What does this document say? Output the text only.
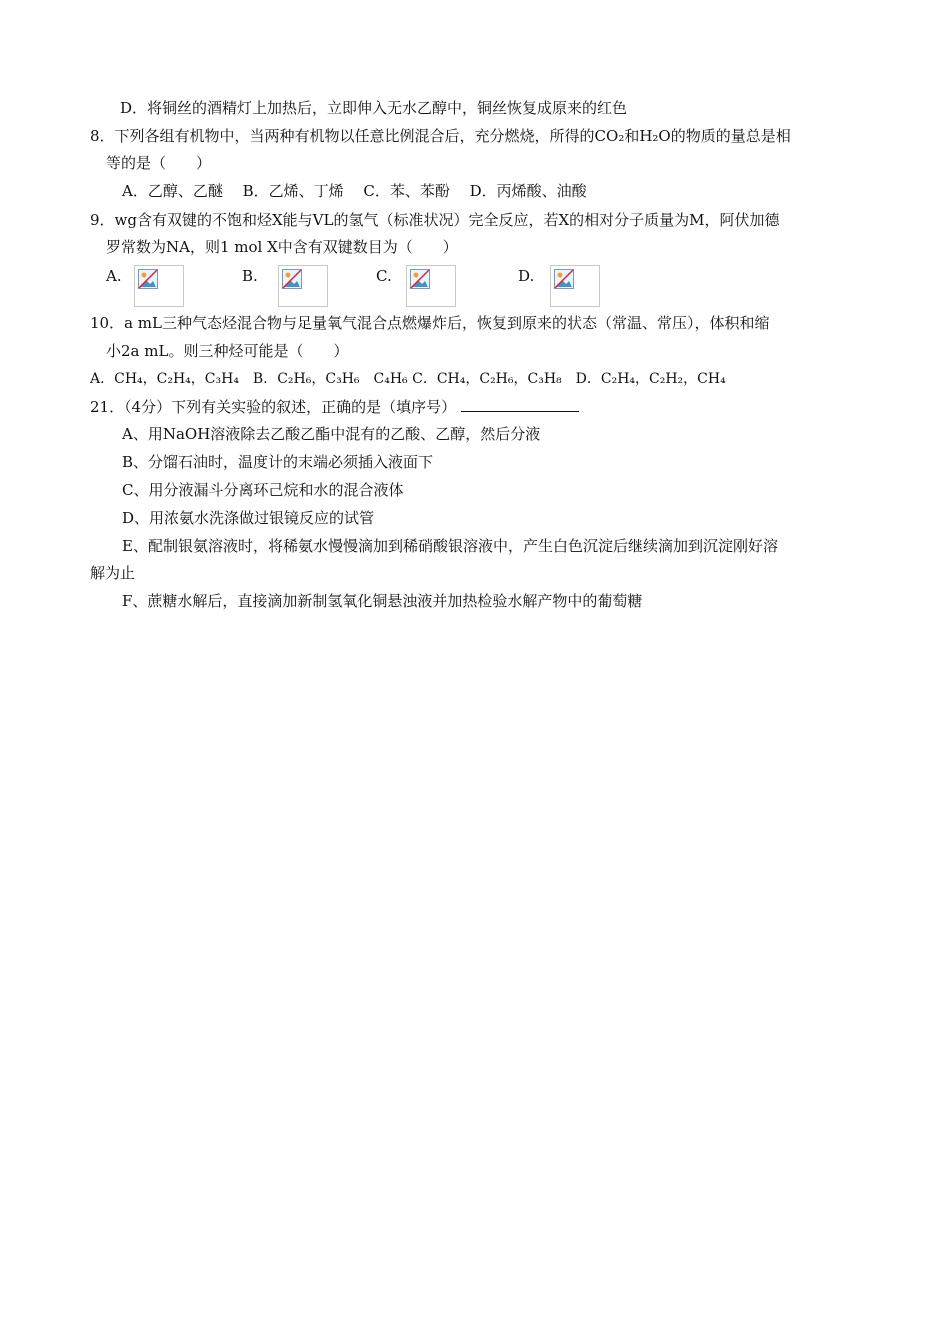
D．将铜丝的酒精灯上加热后，立即伸入无水乙醇中，铜丝恢复成原来的红色
8．下列各组有机物中，当两种有机物以任意比例混合后，充分燃烧，所得的CO₂和H₂O的物质的量总是相
等的是（　　）
A．乙醇、乙醚　 B．乙烯、丁烯　 C．苯、苯酚　 D．丙烯酸、油酸
9．wg含有双键的不饱和烃X能与VL的氢气（标准状况）完全反应，若X的相对分子质量为M，阿伏加德
罗常数为NA，则1 mol X中含有双键数目为（　　）
A.	B.	C.	D.
10．a mL三种气态烃混合物与足量氧气混合点燃爆炸后，恢复到原来的状态（常温、常压），体积和缩
小2a mL。则三种烃可能是（　　）
A．CH₄，C₂H₄，C₃H₄　B．C₂H₆，C₃H₆　C₄H₆ C．CH₄，C₂H₆，C₃H₈　D．C₂H₄，C₂H₂，CH₄
21．（4分）下列有关实验的叙述，正确的是（填序号）
A、用NaOH溶液除去乙酸乙酯中混有的乙酸、乙醇，然后分液
B、分馏石油时，温度计的末端必须插入液面下
C、用分液漏斗分离环己烷和水的混合液体
D、用浓氨水洗涤做过银镜反应的试管
E、配制银氨溶液时，将稀氨水慢慢滴加到稀硝酸银溶液中，产生白色沉淀后继续滴加到沉淀刚好溶
解为止
F、蔗糖水解后，直接滴加新制氢氧化铜悬浊液并加热检验水解产物中的葡萄糖
